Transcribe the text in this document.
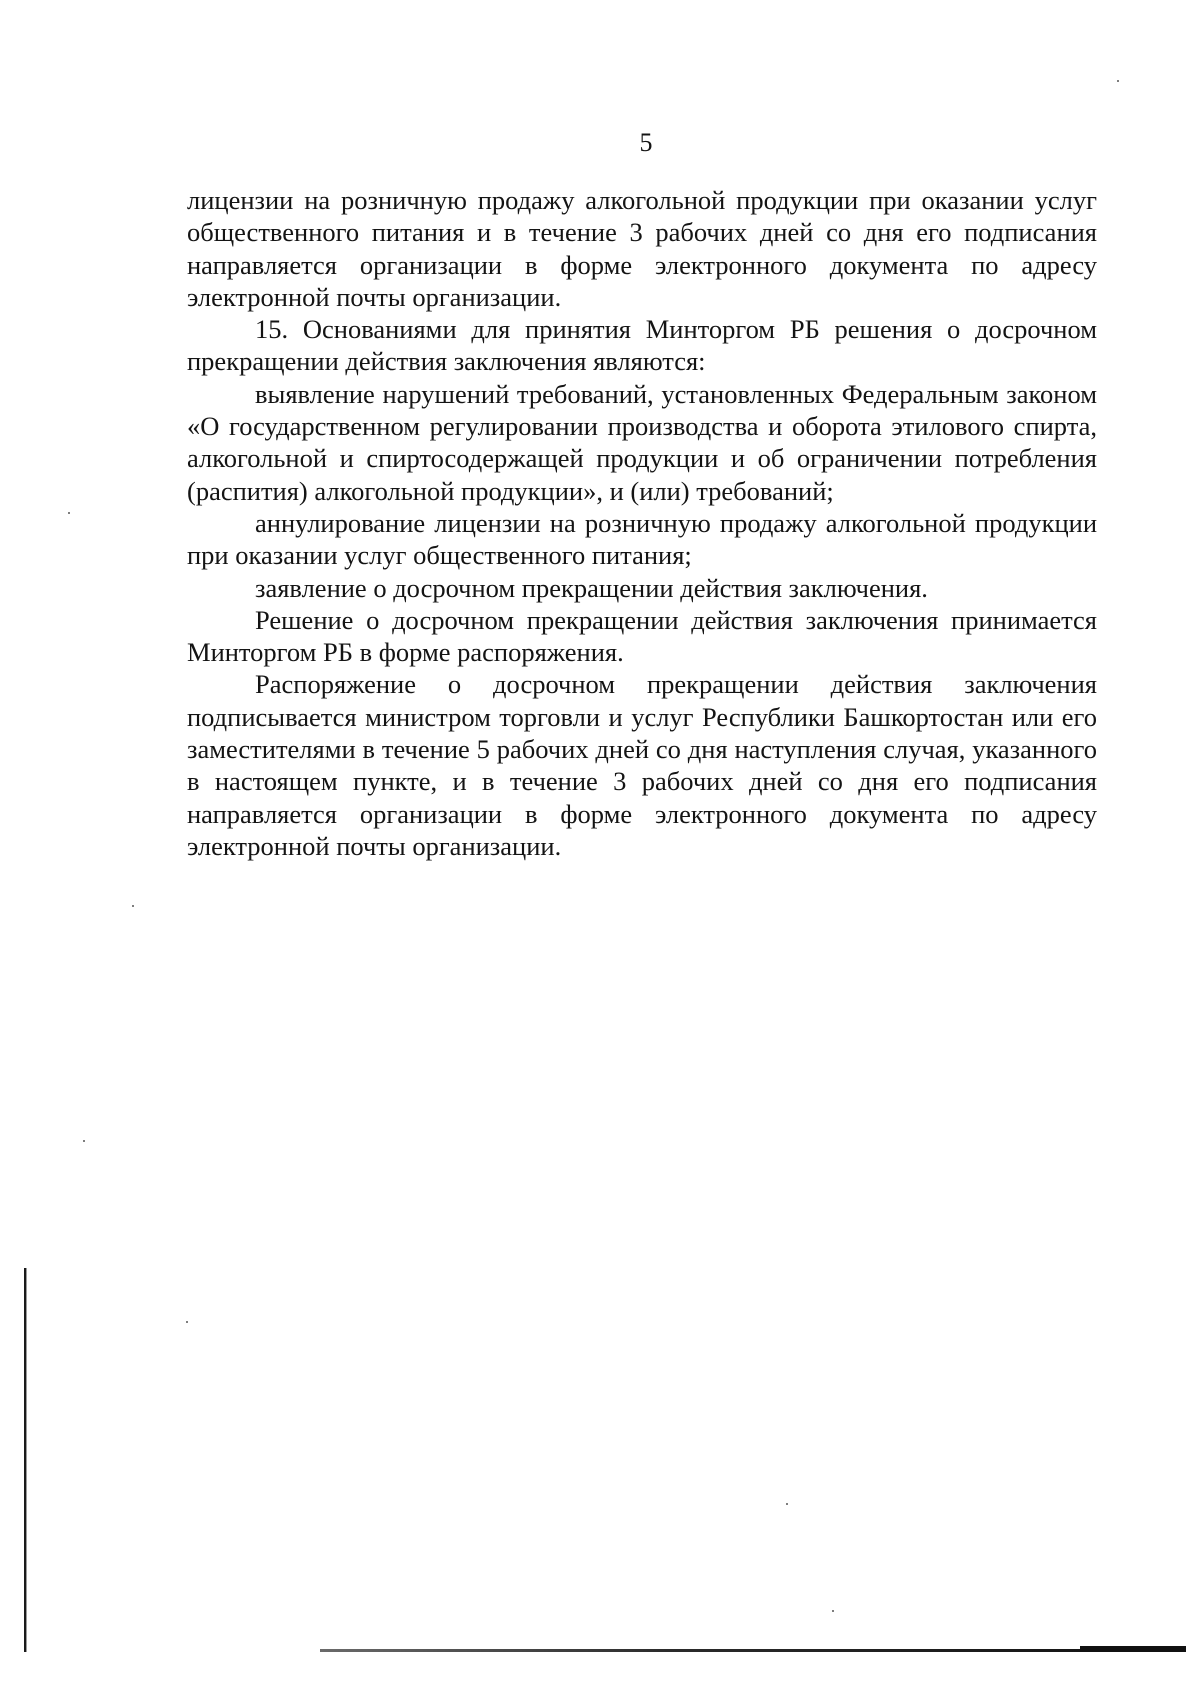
5

лицензии на розничную продажу алкогольной продукции при оказании услуг общественного питания и в течение 3 рабочих дней со дня его подписания направляется организации в форме электронного документа по адресу электронной почты организации.

15. Основаниями для принятия Минторгом РБ решения о досрочном прекращении действия заключения являются:

выявление нарушений требований, установленных Федеральным законом «О государственном регулировании производства и оборота этилового спирта, алкогольной и спиртосодержащей продукции и об ограничении потребления (распития) алкогольной продукции», и (или) требований;

аннулирование лицензии на розничную продажу алкогольной продукции при оказании услуг общественного питания;

заявление о досрочном прекращении действия заключения.

Решение о досрочном прекращении действия заключения принимается Минторгом РБ в форме распоряжения.

Распоряжение о досрочном прекращении действия заключения подписывается министром торговли и услуг Республики Башкортостан или его заместителями в течение 5 рабочих дней со дня наступления случая, указанного в настоящем пункте, и в течение 3 рабочих дней со дня его подписания направляется организации в форме электронного документа по адресу электронной почты организации.
